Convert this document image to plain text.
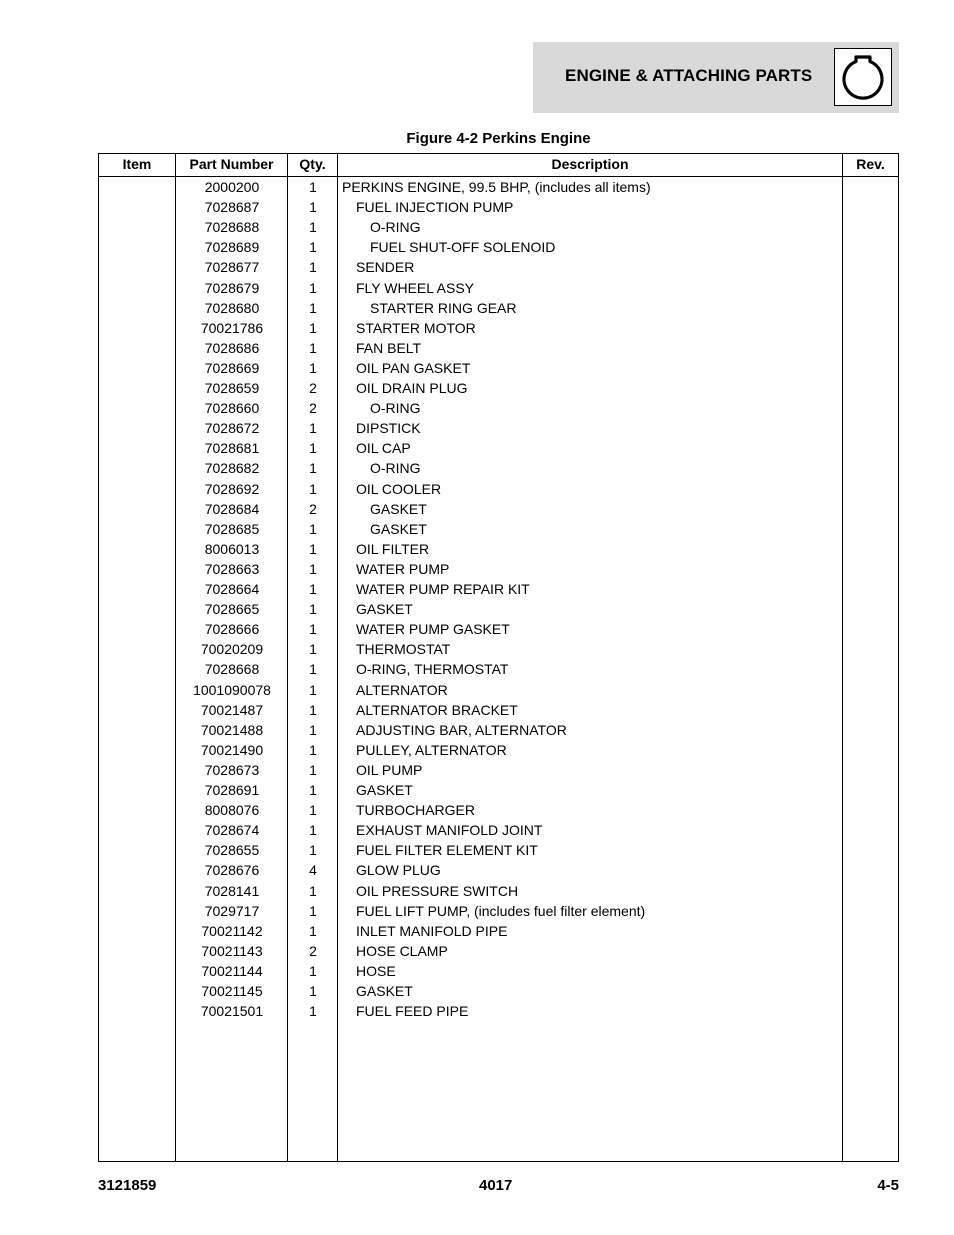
ENGINE & ATTACHING PARTS
Figure 4-2 Perkins Engine
Item	Part Number	Qty.	Description	Rev.
2000200	1	PERKINS ENGINE, 99.5 BHP, (includes all items)
7028687	1	FUEL INJECTION PUMP
7028688	1	O-RING
7028689	1	FUEL SHUT-OFF SOLENOID
7028677	1	SENDER
7028679	1	FLY WHEEL ASSY
7028680	1	STARTER RING GEAR
70021786	1	STARTER MOTOR
7028686	1	FAN BELT
7028669	1	OIL PAN GASKET
7028659	2	OIL DRAIN PLUG
7028660	2	O-RING
7028672	1	DIPSTICK
7028681	1	OIL CAP
7028682	1	O-RING
7028692	1	OIL COOLER
7028684	2	GASKET
7028685	1	GASKET
8006013	1	OIL FILTER
7028663	1	WATER PUMP
7028664	1	WATER PUMP REPAIR KIT
7028665	1	GASKET
7028666	1	WATER PUMP GASKET
70020209	1	THERMOSTAT
7028668	1	O-RING, THERMOSTAT
1001090078	1	ALTERNATOR
70021487	1	ALTERNATOR BRACKET
70021488	1	ADJUSTING BAR, ALTERNATOR
70021490	1	PULLEY, ALTERNATOR
7028673	1	OIL PUMP
7028691	1	GASKET
8008076	1	TURBOCHARGER
7028674	1	EXHAUST MANIFOLD JOINT
7028655	1	FUEL FILTER ELEMENT KIT
7028676	4	GLOW PLUG
7028141	1	OIL PRESSURE SWITCH
7029717	1	FUEL LIFT PUMP, (includes fuel filter element)
70021142	1	INLET MANIFOLD PIPE
70021143	2	HOSE CLAMP
70021144	1	HOSE
70021145	1	GASKET
70021501	1	FUEL FEED PIPE
3121859	4017	4-5
